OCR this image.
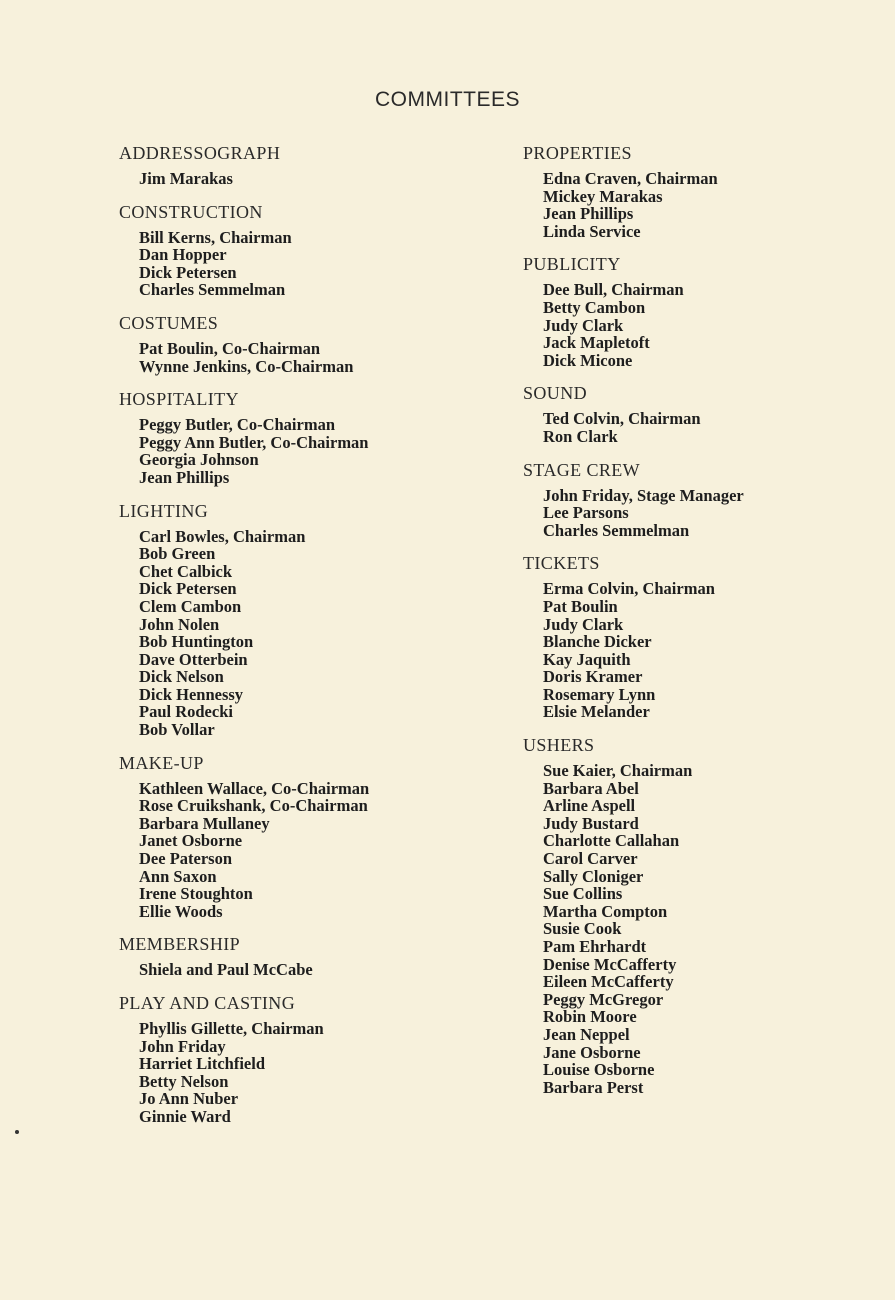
COMMITTEES
ADDRESSOGRAPH
Jim Marakas
CONSTRUCTION
Bill Kerns, Chairman
Dan Hopper
Dick Petersen
Charles Semmelman
COSTUMES
Pat Boulin, Co-Chairman
Wynne Jenkins, Co-Chairman
HOSPITALITY
Peggy Butler, Co-Chairman
Peggy Ann Butler, Co-Chairman
Georgia Johnson
Jean Phillips
LIGHTING
Carl Bowles, Chairman
Bob Green
Chet Calbick
Dick Petersen
Clem Cambon
John Nolen
Bob Huntington
Dave Otterbein
Dick Nelson
Dick Hennessy
Paul Rodecki
Bob Vollar
MAKE-UP
Kathleen Wallace, Co-Chairman
Rose Cruikshank, Co-Chairman
Barbara Mullaney
Janet Osborne
Dee Paterson
Ann Saxon
Irene Stoughton
Ellie Woods
MEMBERSHIP
Shiela and Paul McCabe
PLAY AND CASTING
Phyllis Gillette, Chairman
John Friday
Harriet Litchfield
Betty Nelson
Jo Ann Nuber
Ginnie Ward
PROPERTIES
Edna Craven, Chairman
Mickey Marakas
Jean Phillips
Linda Service
PUBLICITY
Dee Bull, Chairman
Betty Cambon
Judy Clark
Jack Mapletoft
Dick Micone
SOUND
Ted Colvin, Chairman
Ron Clark
STAGE CREW
John Friday, Stage Manager
Lee Parsons
Charles Semmelman
TICKETS
Erma Colvin, Chairman
Pat Boulin
Judy Clark
Blanche Dicker
Kay Jaquith
Doris Kramer
Rosemary Lynn
Elsie Melander
USHERS
Sue Kaier, Chairman
Barbara Abel
Arline Aspell
Judy Bustard
Charlotte Callahan
Carol Carver
Sally Cloniger
Sue Collins
Martha Compton
Susie Cook
Pam Ehrhardt
Denise McCafferty
Eileen McCafferty
Peggy McGregor
Robin Moore
Jean Neppel
Jane Osborne
Louise Osborne
Barbara Perst
